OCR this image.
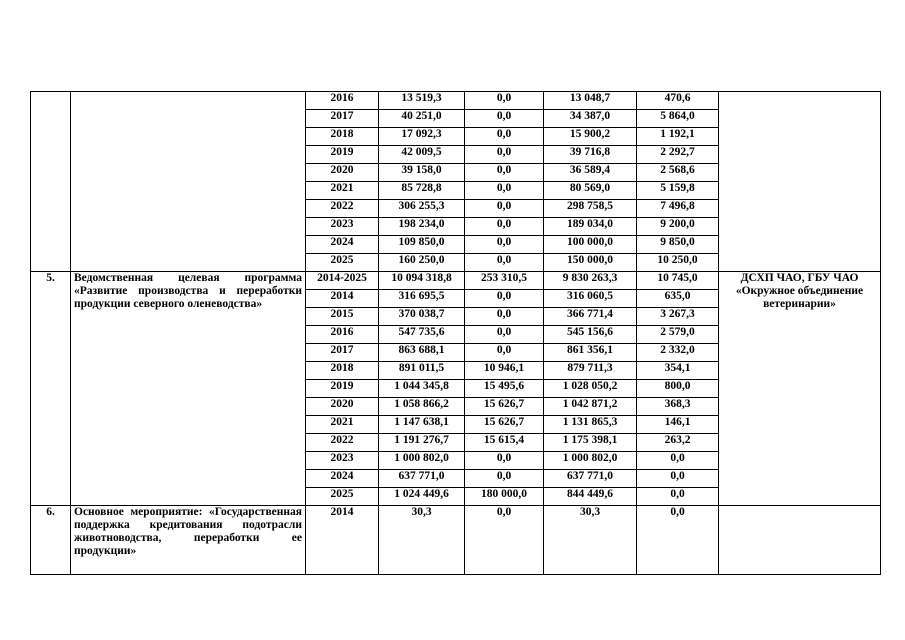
		2016	13 519,3	0,0	13 048,7	470,6	
		2017	40 251,0	0,0	34 387,0	5 864,0	
		2018	17 092,3	0,0	15 900,2	1 192,1	
		2019	42 009,5	0,0	39 716,8	2 292,7	
		2020	39 158,0	0,0	36 589,4	2 568,6	
		2021	85 728,8	0,0	80 569,0	5 159,8	
		2022	306 255,3	0,0	298 758,5	7 496,8	
		2023	198 234,0	0,0	189 034,0	9 200,0	
		2024	109 850,0	0,0	100 000,0	9 850,0	
		2025	160 250,0	0,0	150 000,0	10 250,0	
5.	Ведомственная целевая программа «Развитие производства и переработки продукции северного оленеводства»	2014-2025	10 094 318,8	253 310,5	9 830 263,3	10 745,0	ДСХП ЧАО, ГБУ ЧАО «Окружное объединение ветеринарии»
		2014	316 695,5	0,0	316 060,5	635,0	
		2015	370 038,7	0,0	366 771,4	3 267,3	
		2016	547 735,6	0,0	545 156,6	2 579,0	
		2017	863 688,1	0,0	861 356,1	2 332,0	
		2018	891 011,5	10 946,1	879 711,3	354,1	
		2019	1 044 345,8	15 495,6	1 028 050,2	800,0	
		2020	1 058 866,2	15 626,7	1 042 871,2	368,3	
		2021	1 147 638,1	15 626,7	1 131 865,3	146,1	
		2022	1 191 276,7	15 615,4	1 175 398,1	263,2	
		2023	1 000 802,0	0,0	1 000 802,0	0,0	
		2024	637 771,0	0,0	637 771,0	0,0	
		2025	1 024 449,6	180 000,0	844 449,6	0,0	
6.	Основное мероприятие: «Государственная поддержка кредитования подотрасли животноводства, переработки ее продукции»	2014	30,3	0,0	30,3	0,0	
